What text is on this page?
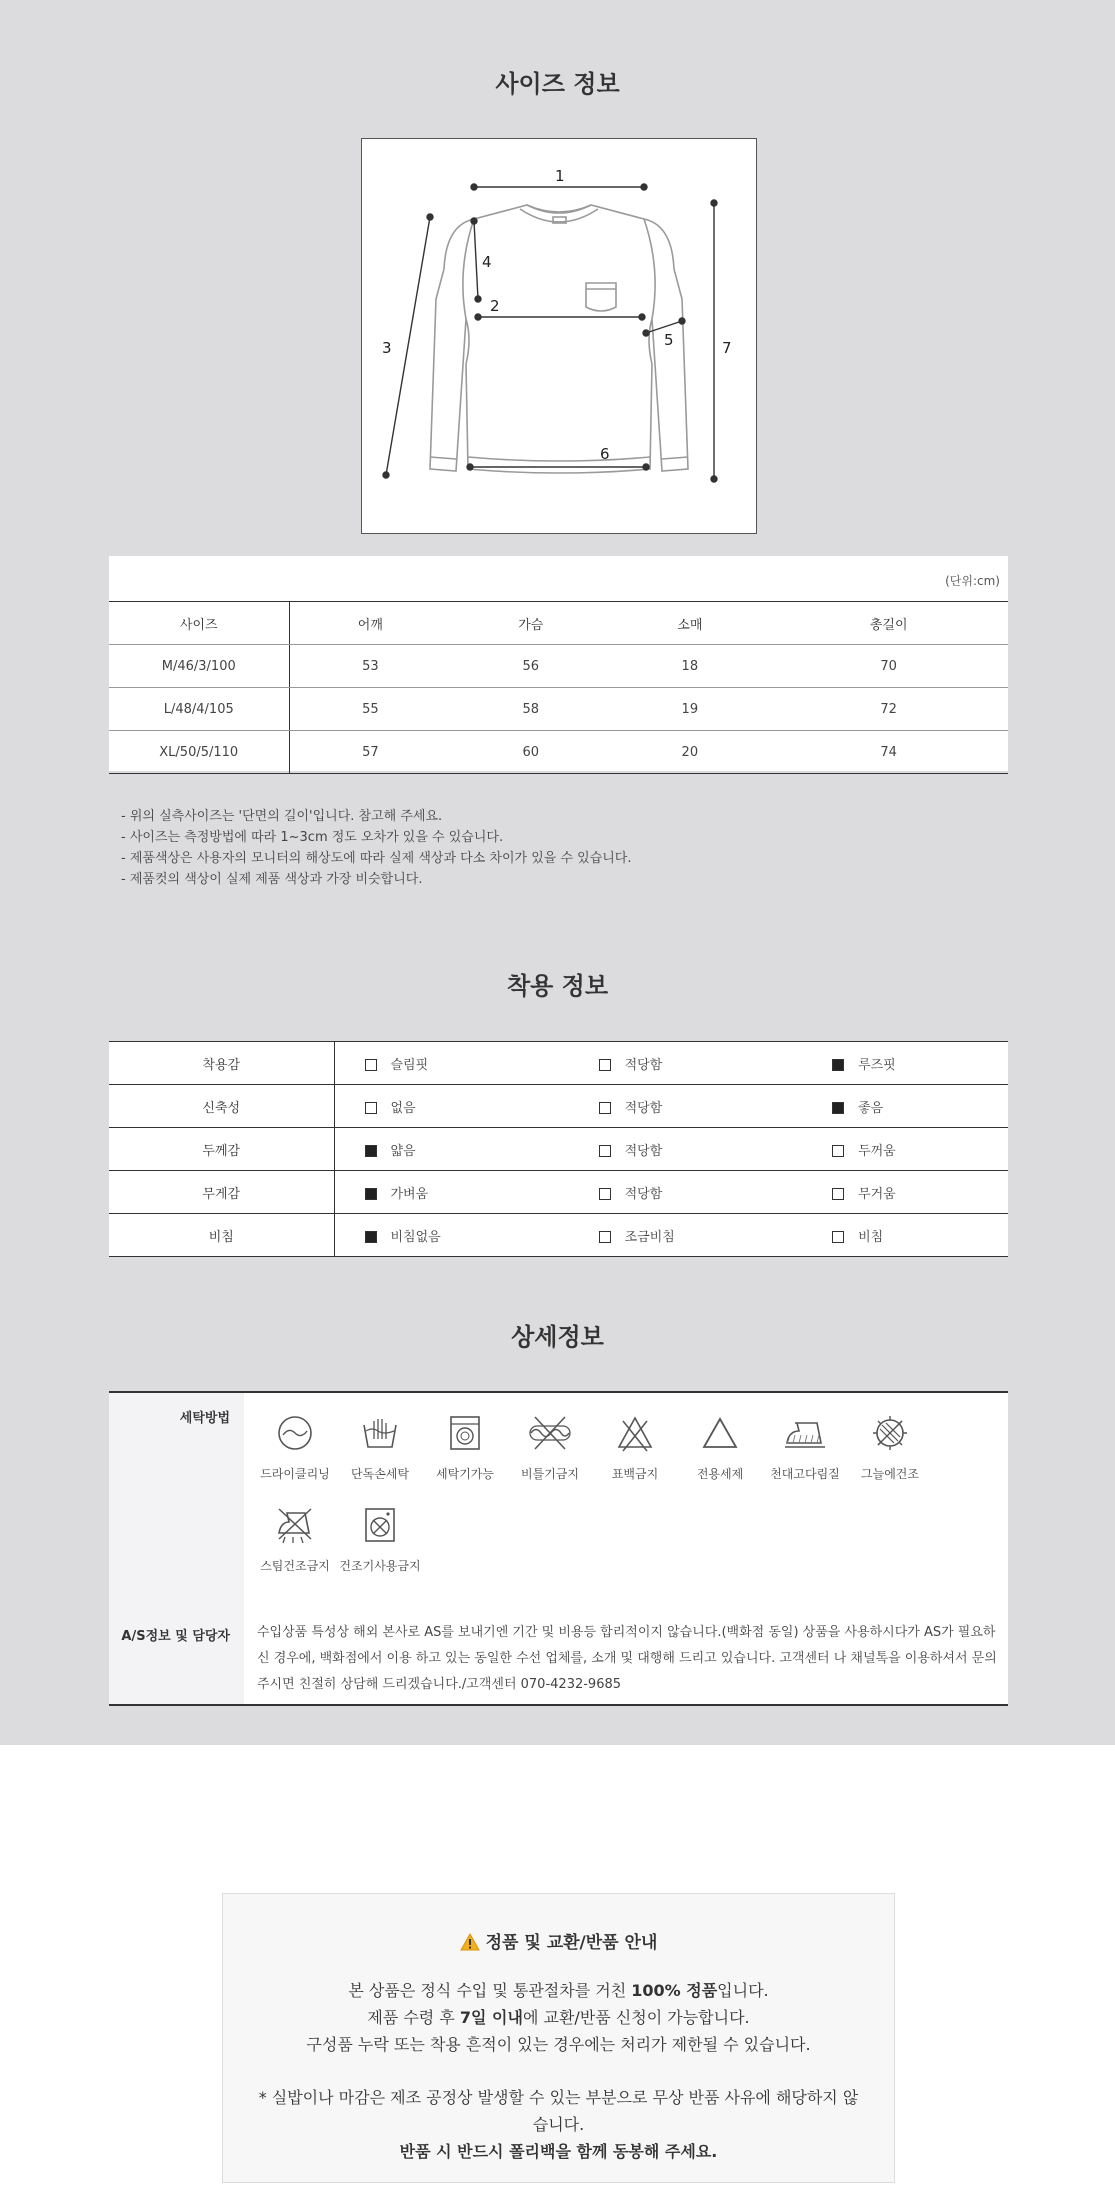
사이즈 정보
1
2
3
4
5
6
7
(단위:cm)
사이즈	어깨	가슴	소매	총길이
M/46/3/100	53	56	18	70
L/48/4/105	55	58	19	72
XL/50/5/110	57	60	20	74
- 위의 실측사이즈는 '단면의 길이'입니다. 참고해 주세요.
- 사이즈는 측정방법에 따라 1~3cm 정도 오차가 있을 수 있습니다.
- 제품색상은 사용자의 모니터의 해상도에 따라 실제 색상과 다소 차이가 있을 수 있습니다.
- 제품컷의 색상이 실제 제품 색상과 가장 비슷합니다.
착용 정보
착용감	슬림핏	적당함	루즈핏
신축성	없음	적당함	좋음
두께감	얇음	적당함	두꺼움
무게감	가벼움	적당함	무거움
비침	비침없음	조금비침	비침
상세정보
세탁방법
A/S정보 및 담당자
드라이클리닝	단독손세탁	세탁기가능	비틀기금지	표백금지	전용세제	천대고다림질	그늘에건조
스팀건조금지 건조기사용금지
수입상품 특성상 해외 본사로 AS를 보내기엔 기간 및 비용등 합리적이지 않습니다.(백화점 동일) 상품을 사용하시다가 AS가 필요하신 경우에, 백화점에서 이용 하고 있는 동일한 수선 업체를, 소개 및 대행해 드리고 있습니다. 고객센터 나 채널톡을 이용하셔서 문의 주시면 친절히 상담해 드리겠습니다./고객센터 070-4232-9685
정품 및 교환/반품 안내
본 상품은 정식 수입 및 통관절차를 거친 100% 정품입니다.
제품 수령 후 7일 이내에 교환/반품 신청이 가능합니다.
구성품 누락 또는 착용 흔적이 있는 경우에는 처리가 제한될 수 있습니다.
* 실밥이나 마감은 제조 공정상 발생할 수 있는 부분으로 무상 반품 사유에 해당하지 않습니다.
반품 시 반드시 폴리백을 함께 동봉해 주세요.
